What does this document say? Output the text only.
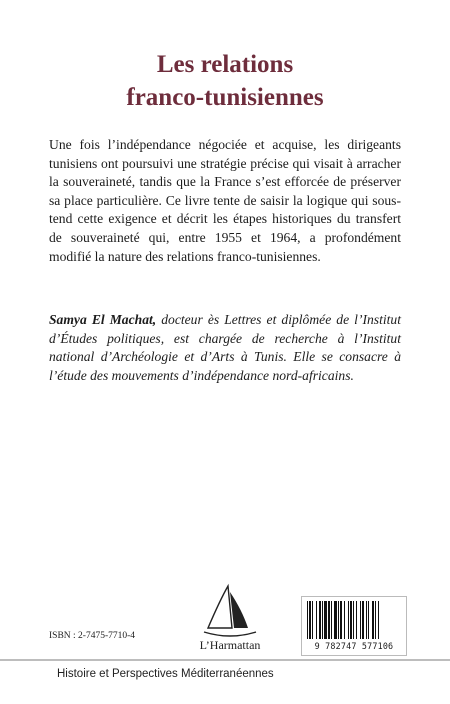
Les relations
franco-tunisiennes

Une fois l’indépendance négociée et acquise, les dirigeants tunisiens ont poursuivi une stratégie précise qui visait à arracher la souveraineté, tandis que la France s’est efforcée de préserver sa place particulière. Ce livre tente de saisir la logique qui sous-tend cette exigence et décrit les étapes historiques du transfert de souveraineté qui, entre 1955 et 1964, a profondément modifié la nature des relations franco-tunisiennes.

Samya El Machat, docteur ès Lettres et diplômée de l’Institut d’Études politiques, est chargée de recherche à l’Institut national d’Archéologie et d’Arts à Tunis. Elle se consacre à l’étude des mouvements d’indépendance nord-africains.

ISBN : 2-7475-7710-4
L’Harmattan	9 782747 577106
Histoire et Perspectives Méditerranéennes
